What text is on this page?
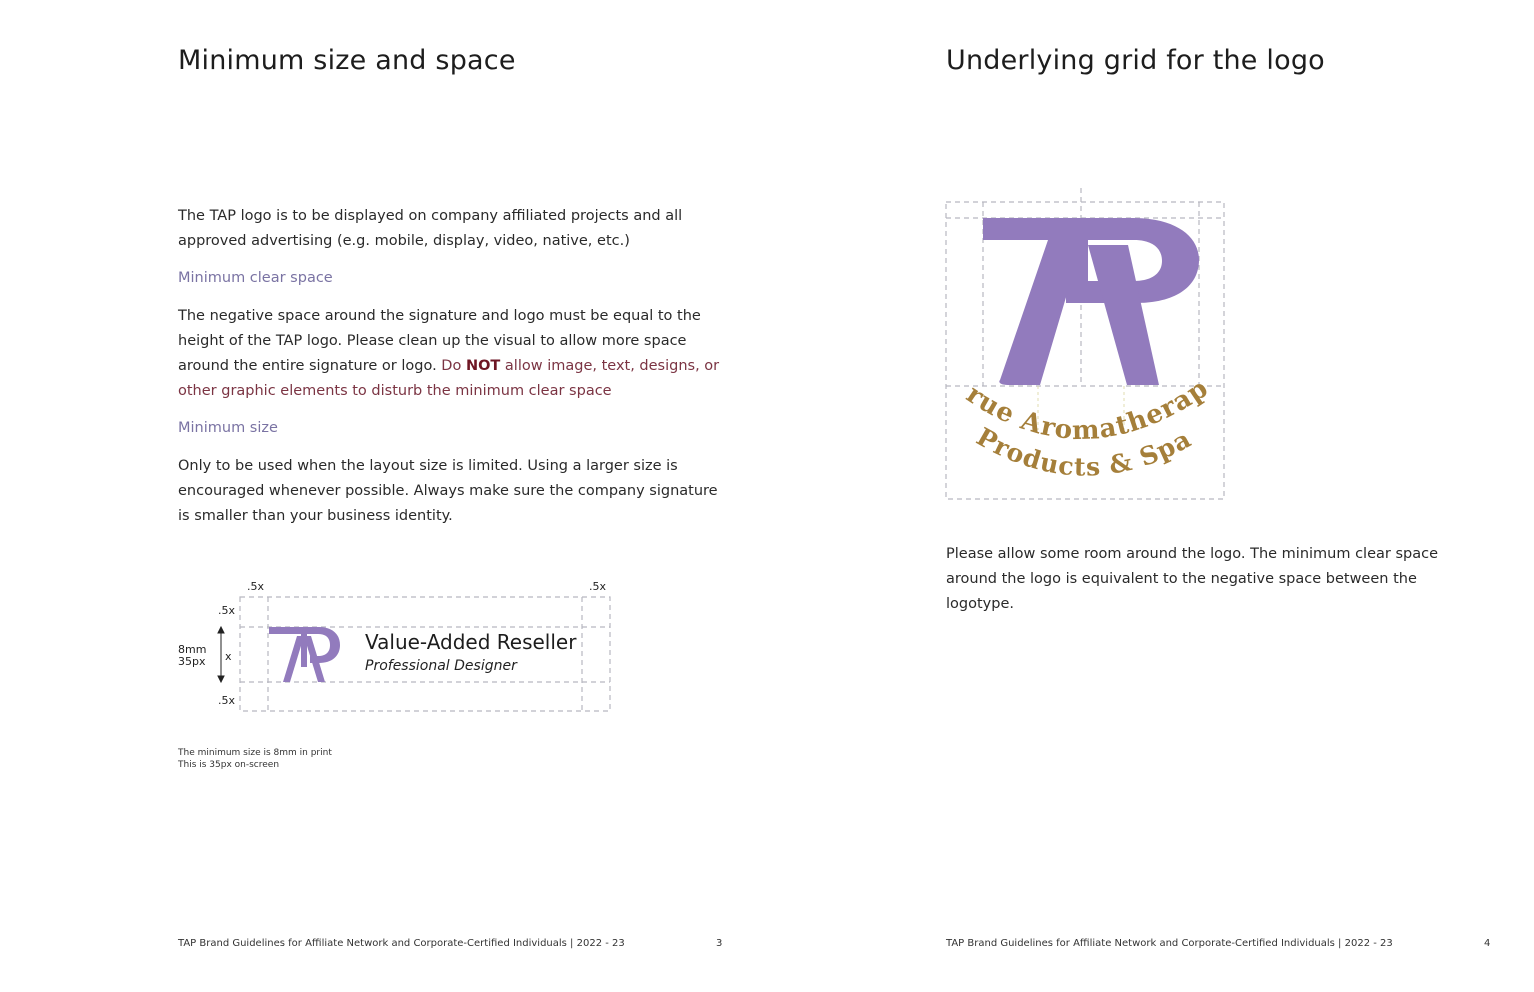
Minimum size and space

The TAP logo is to be displayed on company affiliated projects and all approved advertising (e.g. mobile, display, video, native, etc.)

Minimum clear space

The negative space around the signature and logo must be equal to the height of the TAP logo. Please clean up the visual to allow more space around the entire signature or logo. Do NOT allow image, text, designs, or other graphic elements to disturb the minimum clear space

Minimum size

Only to be used when the layout size is limited. Using a larger size is encouraged whenever possible. Always make sure the company signature is smaller than your business identity.

.5x	.5x
.5x
.5x
x
8mm
35px
Value-Added Reseller
Professional Designer
The minimum size is 8mm in print
This is 35px on-screen
TAP Brand Guidelines for Affiliate Network and Corporate-Certified Individuals | 2022 - 23	3
Underlying grid for the logo
rue Aromatherap
Products & Spa

Please allow some room around the logo. The minimum clear space around the logo is equivalent to the negative space between the logotype.

TAP Brand Guidelines for Affiliate Network and Corporate-Certified Individuals | 2022 - 23	4
